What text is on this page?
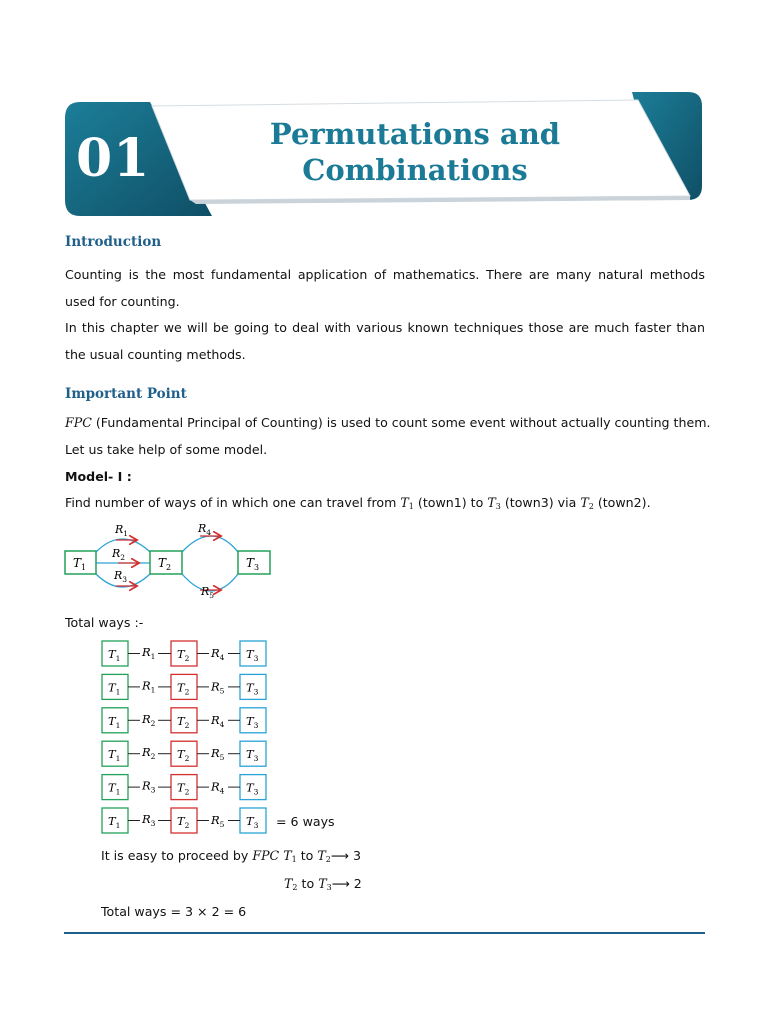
01	Permutations and
Combinations
Introduction
Counting is the most fundamental application of mathematics. There are many natural methods used for counting.
In this chapter we will be going to deal with various known techniques those are much faster than the usual counting methods.
Important Point
FPC (Fundamental Principal of Counting) is used to count some event without actually counting them.
Let us take help of some model.
Model- I :
Find number of ways of in which one can travel from $T_1$ (town1) to $T_3$ (town3) via $T_2$ (town2).
$T_1$	$T_2$	$T_3$
$R_1$
$R_2$
$R_3$
$R_4$
$R_5$
Total ways :-
$T_1$	$T_2$	$T_3$
$R_1$	$R_4$
$T_1$	$T_2$	$T_3$
$R_1$	$R_5$
$T_1$	$T_2$	$T_3$
$R_2$	$R_4$
$T_1$	$T_2$	$T_3$
$R_2$	$R_5$
$T_1$	$T_2$	$T_3$
$R_3$	$R_4$
$T_1$	$T_2$	$T_3$
$R_3$	$R_5$	= 6 ways
It is easy to proceed by FPC $T_1$ to $T_2⟶$ 3
$T_2$ to $T_3⟶$ 2
Total ways = 3 × 2 = 6
